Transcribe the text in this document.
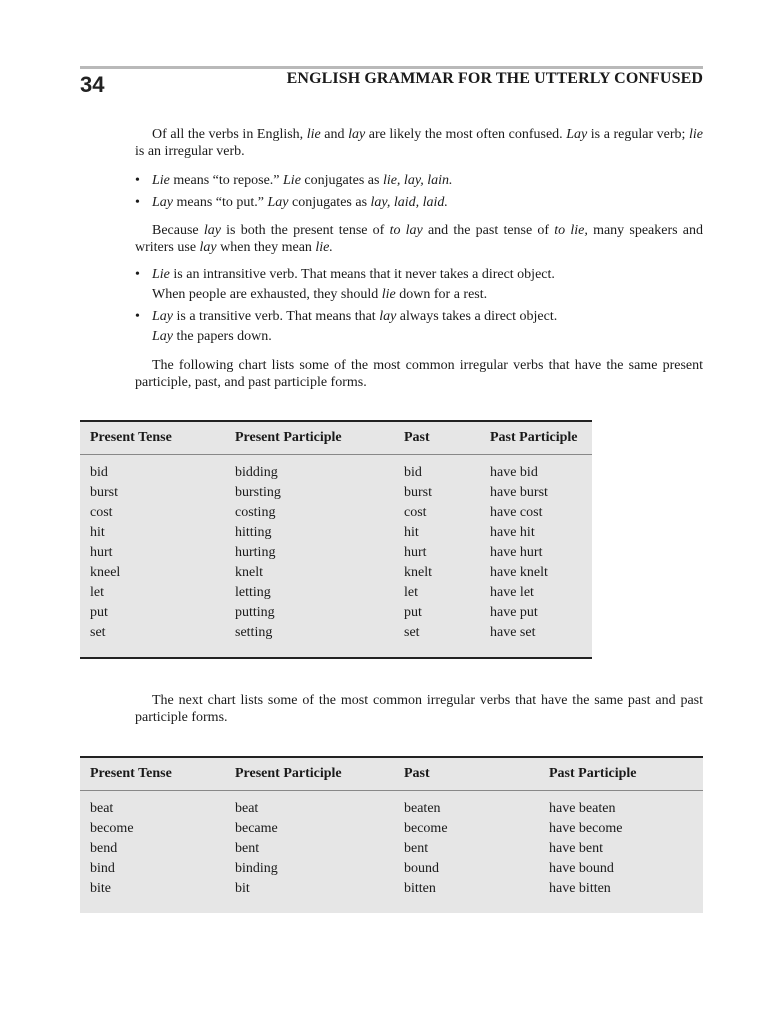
34	ENGLISH GRAMMAR FOR THE UTTERLY CONFUSED

Of all the verbs in English, lie and lay are likely the most often confused. Lay is a regular verb; lie is an irregular verb.

• Lie means “to repose.” Lie conjugates as lie, lay, lain.
• Lay means “to put.” Lay conjugates as lay, laid, laid.

Because lay is both the present tense of to lay and the past tense of to lie, many speakers and writers use lay when they mean lie.

• Lie is an intransitive verb. That means that it never takes a direct object.
When people are exhausted, they should lie down for a rest.
• Lay is a transitive verb. That means that lay always takes a direct object.
Lay the papers down.

The following chart lists some of the most common irregular verbs that have the same present participle, past, and past participle forms.

Present Tense	Present Participle	Past	Past Participle

bid	bidding	bid	have bid
burst	bursting	burst	have burst
cost	costing	cost	have cost
hit	hitting	hit	have hit
hurt	hurting	hurt	have hurt
kneel	knelt	knelt	have knelt
let	letting	let	have let
put	putting	put	have put
set	setting	set	have set

The next chart lists some of the most common irregular verbs that have the same past and past participle forms.

Present Tense	Present Participle	Past	Past Participle

beat	beat	beaten	have beaten
become	became	become	have become
bend	bent	bent	have bent
bind	binding	bound	have bound
bite	bit	bitten	have bitten
